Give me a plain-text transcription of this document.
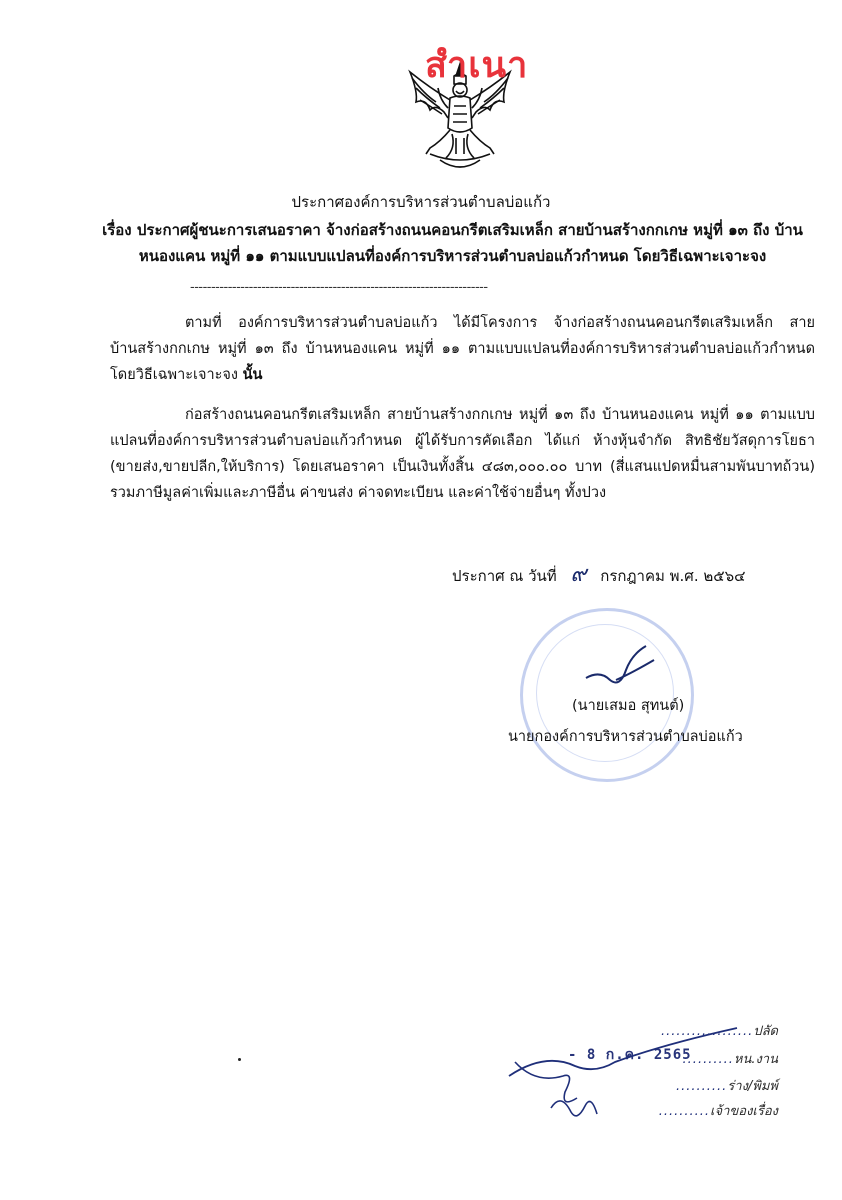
สำเนา
ประกาศองค์การบริหารส่วนตำบลบ่อแก้ว
เรื่อง ประกาศผู้ชนะการเสนอราคา จ้างก่อสร้างถนนคอนกรีตเสริมเหล็ก สายบ้านสร้างกกเกษ หมู่ที่ ๑๓ ถึง บ้านหนองแคน หมู่ที่ ๑๑ ตามแบบแปลนที่องค์การบริหารส่วนตำบลบ่อแก้วกำหนด โดยวิธีเฉพาะเจาะจง
-----------------------------------------------------------------------
ตามที่ องค์การบริหารส่วนตำบลบ่อแก้ว ได้มีโครงการ จ้างก่อสร้างถนนคอนกรีตเสริมเหล็ก สายบ้านสร้างกกเกษ หมู่ที่ ๑๓ ถึง บ้านหนองแคน หมู่ที่ ๑๑ ตามแบบแปลนที่องค์การบริหารส่วนตำบลบ่อแก้วกำหนด โดยวิธีเฉพาะเจาะจง นั้น
ก่อสร้างถนนคอนกรีตเสริมเหล็ก สายบ้านสร้างกกเกษ หมู่ที่ ๑๓ ถึง บ้านหนองแคน หมู่ที่ ๑๑ ตามแบบแปลนที่องค์การบริหารส่วนตำบลบ่อแก้วกำหนด ผู้ได้รับการคัดเลือก ได้แก่ ห้างหุ้นจำกัด สิทธิชัยวัสดุการโยธา (ขายส่ง,ขายปลีก,ให้บริการ) โดยเสนอราคา เป็นเงินทั้งสิ้น ๔๘๓,๐๐๐.๐๐ บาท (สี่แสนแปดหมื่นสามพันบาทถ้วน) รวมภาษีมูลค่าเพิ่มและภาษีอื่น ค่าขนส่ง ค่าจดทะเบียน และค่าใช้จ่ายอื่นๆ ทั้งปวง
ประกาศ ณ วันที่ ๙ กรกฎาคม พ.ศ. ๒๕๖๔
(นายเสมอ สุทนต์)
นายกองค์การบริหารส่วนตำบลบ่อแก้ว
- 8 ก.ค. 2565
..................ปลัด
..........หน.งาน
..........ร่าง/พิมพ์
..........เจ้าของเรื่อง
